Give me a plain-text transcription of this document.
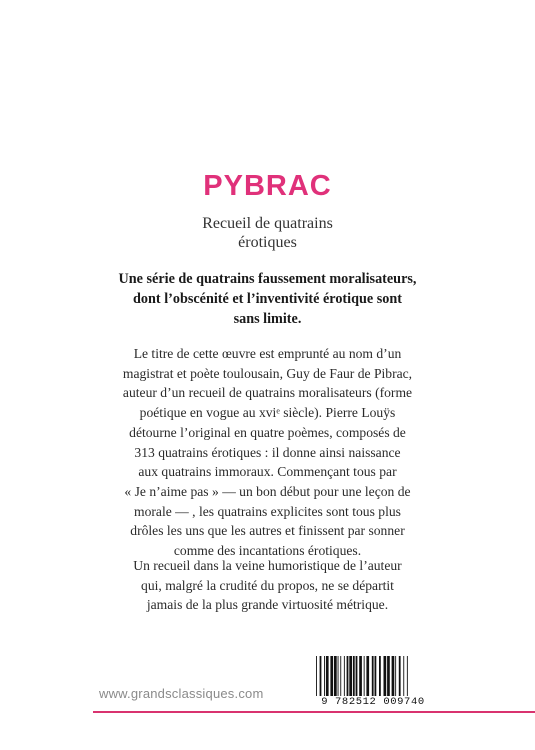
PYBRAC
Recueil de quatrains
érotiques
Une série de quatrains faussement moralisateurs,
dont l’obscénité et l’inventivité érotique sont
sans limite.
Le titre de cette œuvre est emprunté au nom d’un
magistrat et poète toulousain, Guy de Faur de Pibrac,
auteur d’un recueil de quatrains moralisateurs (forme
poétique en vogue au xviᵉ siècle). Pierre Louÿs
détourne l’original en quatre poèmes, composés de
313 quatrains érotiques : il donne ainsi naissance
aux quatrains immoraux. Commençant tous par
« Je n’aime pas » — un bon début pour une leçon de
morale — , les quatrains explicites sont tous plus
drôles les uns que les autres et finissent par sonner
comme des incantations érotiques.
Un recueil dans la veine humoristique de l’auteur
qui, malgré la crudité du propos, ne se départit
jamais de la plus grande virtuosité métrique.
www.grandsclassiques.com
9 782512 009740
